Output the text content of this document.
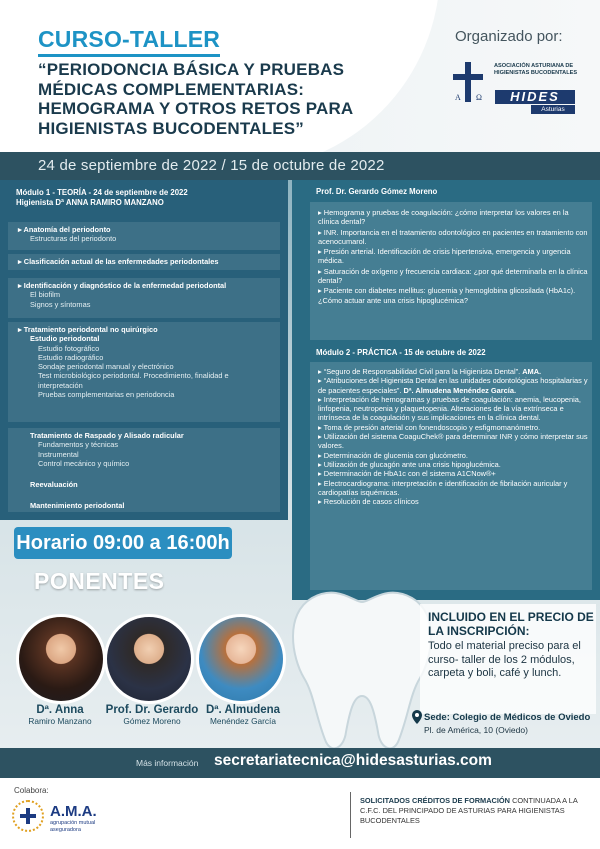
CURSO-TALLER
“PERIODONCIA BÁSICA Y PRUEBAS MÉDICAS COMPLEMENTARIAS: HEMOGRAMA Y OTROS RETOS PARA HIGIENISTAS BUCODENTALES”
Organizado por:
A Ω
ASOCIACIÓN ASTURIANA DE HIGIENISTAS BUCODENTALES
HIDES
Asturias
24 de septiembre de 2022 / 15 de octubre de 2022
Módulo 1 - TEORÍA - 24 de septiembre de 2022
Higienista Dª ANNA RAMIRO MANZANO
▸ Anatomía del periodonto
Estructuras del periodonto
▸ Clasificación actual de las enfermedades periodontales
▸ Identificación y diagnóstico de la enfermedad periodontal
El biofilm
Signos y síntomas
▸ Tratamiento periodontal no quirúrgico
Estudio periodontal
Estudio fotográfico
Estudio radiográfico
Sondaje periodontal manual y electrónico
Test microbiológico periodontal. Procedimiento, finalidad e interpretación
Pruebas complementarias en periodoncia
Tratamiento de Raspado y Alisado radicular
Fundamentos y técnicas
Instrumental
Control mecánico y químico
Reevaluación
Mantenimiento periodontal
Prof. Dr. Gerardo Gómez Moreno
▸ Hemograma y pruebas de coagulación: ¿cómo interpretar los valores en la clínica dental?
▸ INR. Importancia en el tratamiento odontológico en pacientes en tratamiento con acenocumarol.
▸ Presión arterial. Identificación de crisis hipertensiva, emergencia y urgencia médica.
▸ Saturación de oxígeno y frecuencia cardiaca: ¿por qué determinarla en la clínica dental?
▸ Paciente con diabetes mellitus: glucemia y hemoglobina glicosilada (HbA1c). ¿Cómo actuar ante una crisis hipoglucémica?
Módulo 2 - PRÁCTICA - 15 de octubre de 2022
▸ “Seguro de Responsabilidad Civil para la Higienista Dental”. AMA.
▸ “Atribuciones del Higienista Dental en las unidades odontológicas hospitalarias y de pacientes especiales”. Dª. Almudena Menéndez García.
▸ Interpretación de hemogramas y pruebas de coagulación: anemia, leucopenia, linfopenia, neutropenia y plaquetopenia. Alteraciones de la vía extrínseca e intrínseca de la coagulación y sus implicaciones en la clínica dental.
▸ Toma de presión arterial con fonendoscopio y esfigmomanómetro.
▸ Utilización del sistema CoaguChek® para determinar INR y cómo interpretar sus valores.
▸ Determinación de glucemia con glucómetro.
▸ Utilización de glucagón ante una crisis hipoglucémica.
▸ Determinación de HbA1c con el sistema A1CNow®+
▸ Electrocardiograma: interpretación e identificación de fibrilación auricular y cardiopatías isquémicas.
▸ Resolución de casos clínicos
Horario 09:00 a 16:00h
PONENTES
Dª. Anna
Ramiro Manzano
Prof. Dr. Gerardo
Gómez Moreno
Dª. Almudena
Menéndez García
INCLUIDO EN EL PRECIO DE LA INSCRIPCIÓN:
Todo el material preciso para el curso- taller de los 2 módulos, carpeta y boli, café y lunch.
Sede: Colegio de Médicos de Oviedo
Pl. de América, 10 (Oviedo)
Más información secretariatecnica@hidesasturias.com
Colabora:
A.M.A.
agrupación mutual aseguradora
SOLICITADOS CRÉDITOS DE FORMACIÓN CONTINUADA A LA C.F.C. DEL PRINCIPADO DE ASTURIAS PARA HIGIENISTAS BUCODENTALES
